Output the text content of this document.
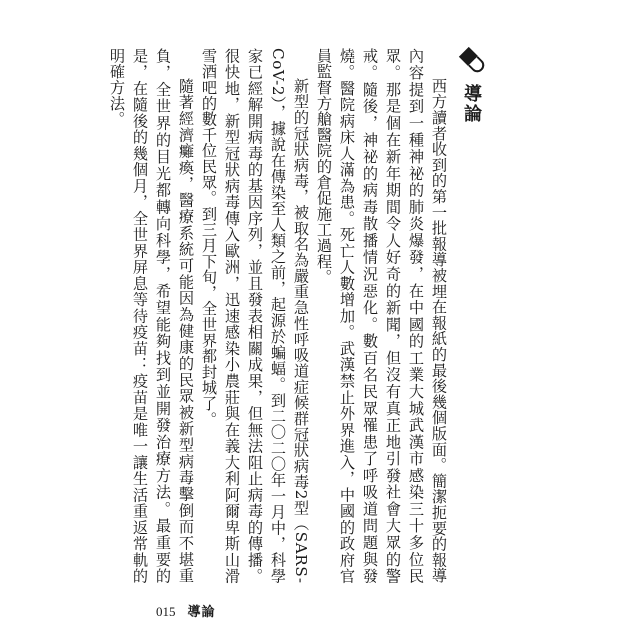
導論

西方讀者收到的第一批報導被埋在報紙的最後幾個版面。簡潔扼要的報導內容提到一種神祕的肺炎爆發，在中國的工業大城武漢市感染三十多位民眾。那是個在新年期間令人好奇的新聞，但沒有真正地引發社會大眾的警戒。隨後，神祕的病毒散播情況惡化。數百名民眾罹患了呼吸道問題與發燒。醫院病床人滿為患。死亡人數增加。武漢禁止外界進入，中國的政府官員監督方艙醫院的倉促施工過程。

新型的冠狀病毒，被取名為嚴重急性呼吸道症候群冠狀病毒2型（SARS-CoV-2），據說在傳染至人類之前，起源於蝙蝠。到二〇二〇年一月中，科學家已經解開病毒的基因序列，並且發表相關成果，但無法阻止病毒的傳播。很快地，新型冠狀病毒傳入歐洲，迅速感染小農莊與在義大利阿爾卑斯山滑雪酒吧的數千位民眾。到三月下旬，全世界都封城了。

隨著經濟癱瘓，醫療系統可能因為健康的民眾被新型病毒擊倒而不堪重負，全世界的目光都轉向科學，希望能夠找到並開發治療方法。最重要的是，在隨後的幾個月，全世界屏息等待疫苗：疫苗是唯一讓生活重返常軌的明確方法。

015 導論
